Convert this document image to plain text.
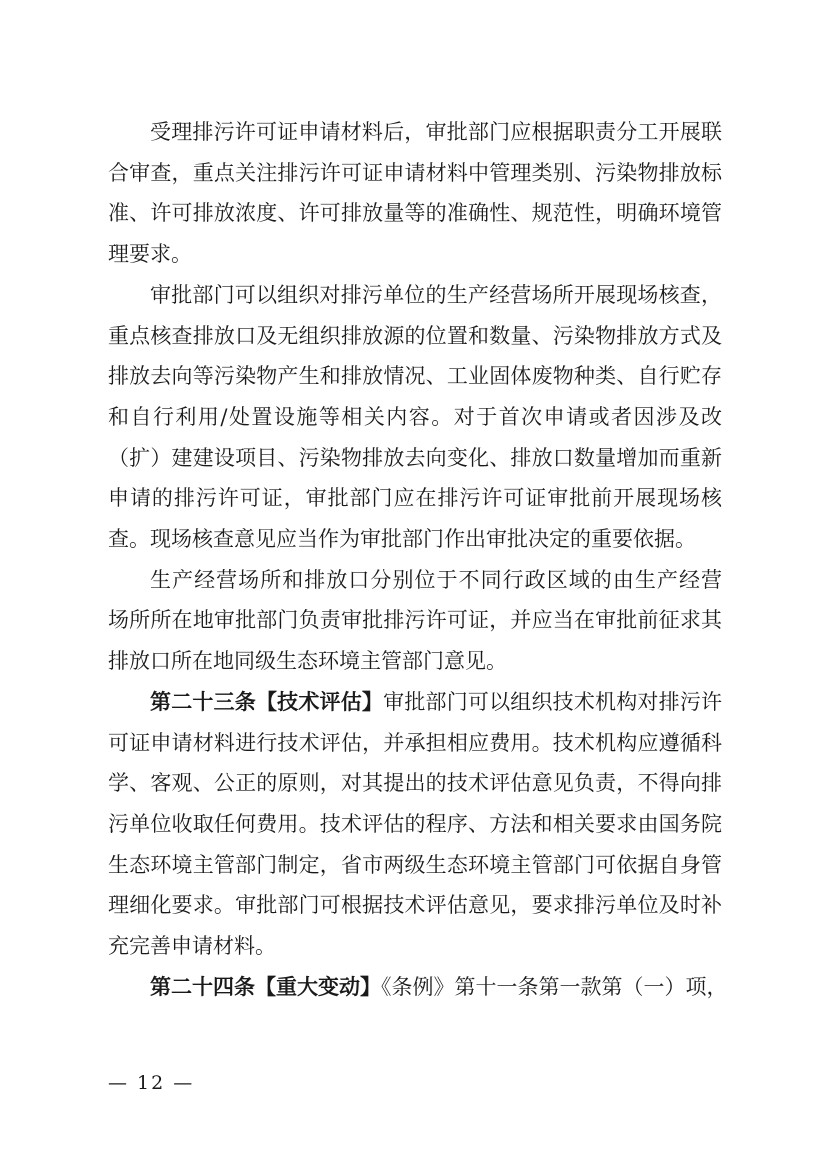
受理排污许可证申请材料后，审批部门应根据职责分工开展联
合审查，重点关注排污许可证申请材料中管理类别、污染物排放标
准、许可排放浓度、许可排放量等的准确性、规范性，明确环境管
理要求。
审批部门可以组织对排污单位的生产经营场所开展现场核查，
重点核查排放口及无组织排放源的位置和数量、污染物排放方式及
排放去向等污染物产生和排放情况、工业固体废物种类、自行贮存
和自行利用/处置设施等相关内容。对于首次申请或者因涉及改
（扩）建建设项目、污染物排放去向变化、排放口数量增加而重新
申请的排污许可证，审批部门应在排污许可证审批前开展现场核
查。现场核查意见应当作为审批部门作出审批决定的重要依据。
生产经营场所和排放口分别位于不同行政区域的由生产经营
场所所在地审批部门负责审批排污许可证，并应当在审批前征求其
排放口所在地同级生态环境主管部门意见。
第二十三条【技术评估】审批部门可以组织技术机构对排污许
可证申请材料进行技术评估，并承担相应费用。技术机构应遵循科
学、客观、公正的原则，对其提出的技术评估意见负责，不得向排
污单位收取任何费用。技术评估的程序、方法和相关要求由国务院
生态环境主管部门制定，省市两级生态环境主管部门可依据自身管
理细化要求。审批部门可根据技术评估意见，要求排污单位及时补
充完善申请材料。
第二十四条【重大变动】《条例》第十一条第一款第（一）项，
— 12 —
